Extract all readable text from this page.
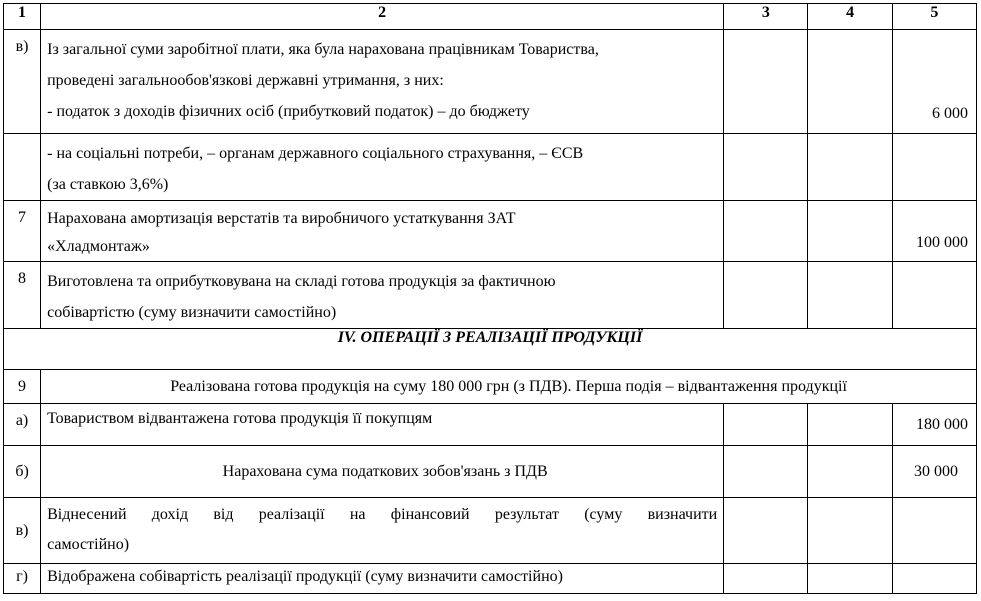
1	2	3	4	5
в)	Із загальної суми заробітної плати, яка була нарахована працівникам Товариства,

проведені загальнообов'язкові державні утримання, з них:

- податок з доходів фізичних осіб (прибутковий податок) – до бюджету			6 000

	- на соціальні потреби, – органам державного соціального страхування, – ЄСВ

(за ставкою 3,6%)			

7	Нарахована амортизація верстатів та виробничого устаткування ЗАТ

«Хладмонтаж»			100 000
8	Виготовлена та оприбутковувана на складі готова продукція за фактичною

собівартістю (суму визначити самостійно)			

IV. ОПЕРАЦІЇ З РЕАЛІЗАЦІЇ ПРОДУКЦІЇ				
9	Реалізована готова продукція на суму 180 000 грн (з ПДВ). Перша подія – відвантаження продукції			
а)	Товариством відвантажена готова продукція її покупцям			180 000
б)	Нарахована сума податкових зобов'язань з ПДВ			30 000
в)	Віднесений дохід від реалізації на фінансовий результат (суму визначити

самостійно)			

г)	Відображена собівартість реалізації продукції (суму визначити самостійно)			
